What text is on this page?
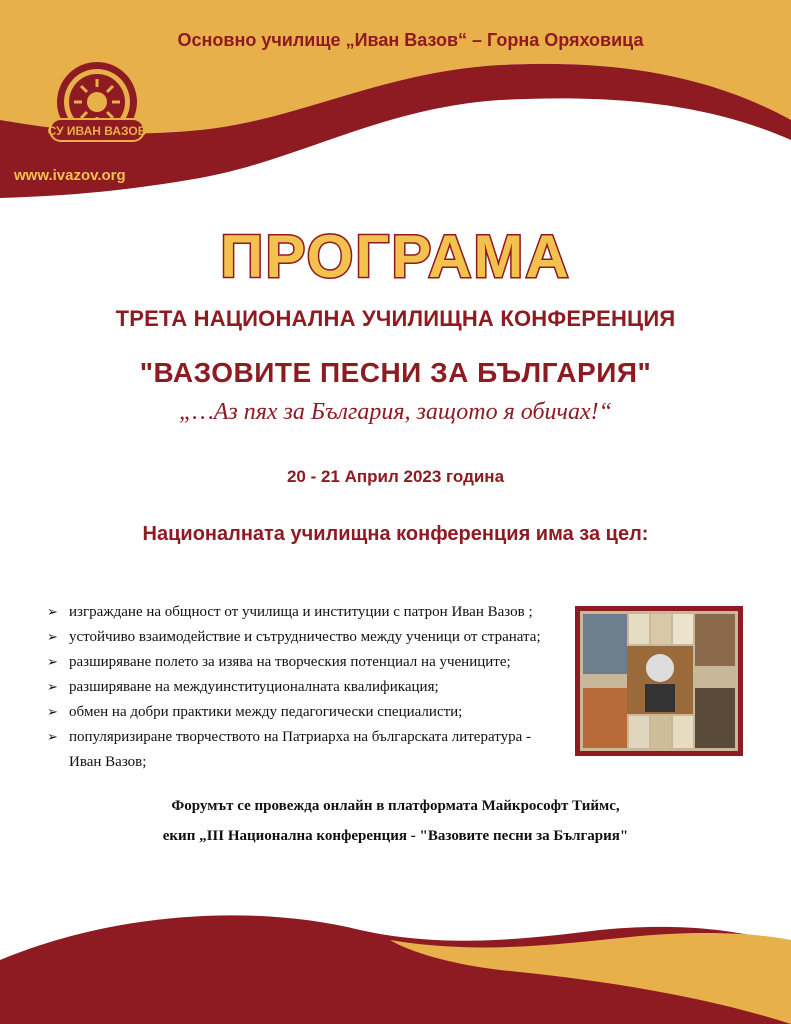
Основно училище „Иван Вазов“ – Горна Оряховица
СУ ИВАН ВАЗОВ
www.ivazov.org
ПРОГРАМА
ТРЕТА НАЦИОНАЛНА УЧИЛИЩНА КОНФЕРЕНЦИЯ
"ВАЗОВИТЕ ПЕСНИ ЗА БЪЛГАРИЯ"
„…Аз пях за България, защото я обичах!“
20 - 21 Април 2023 година
Националната училищна конференция има за цел:
➢ изграждане на общност от училища и институции с патрон Иван Вазов ;
➢ устойчиво взаимодействие и сътрудничество между ученици от страната;
➢ разширяване полето за изява на творческия потенциал на учениците;
➢ разширяване на междуинституционалната квалификация;
➢ обмен на добри практики между педагогически специалисти;
➢ популяризиране творчеството на Патриарха на българската литература -
Иван Вазов;
Форумът се провежда онлайн в платформата Майкрософт Тиймс,
екип „III Национална конференция - "Вазовите песни за България"
